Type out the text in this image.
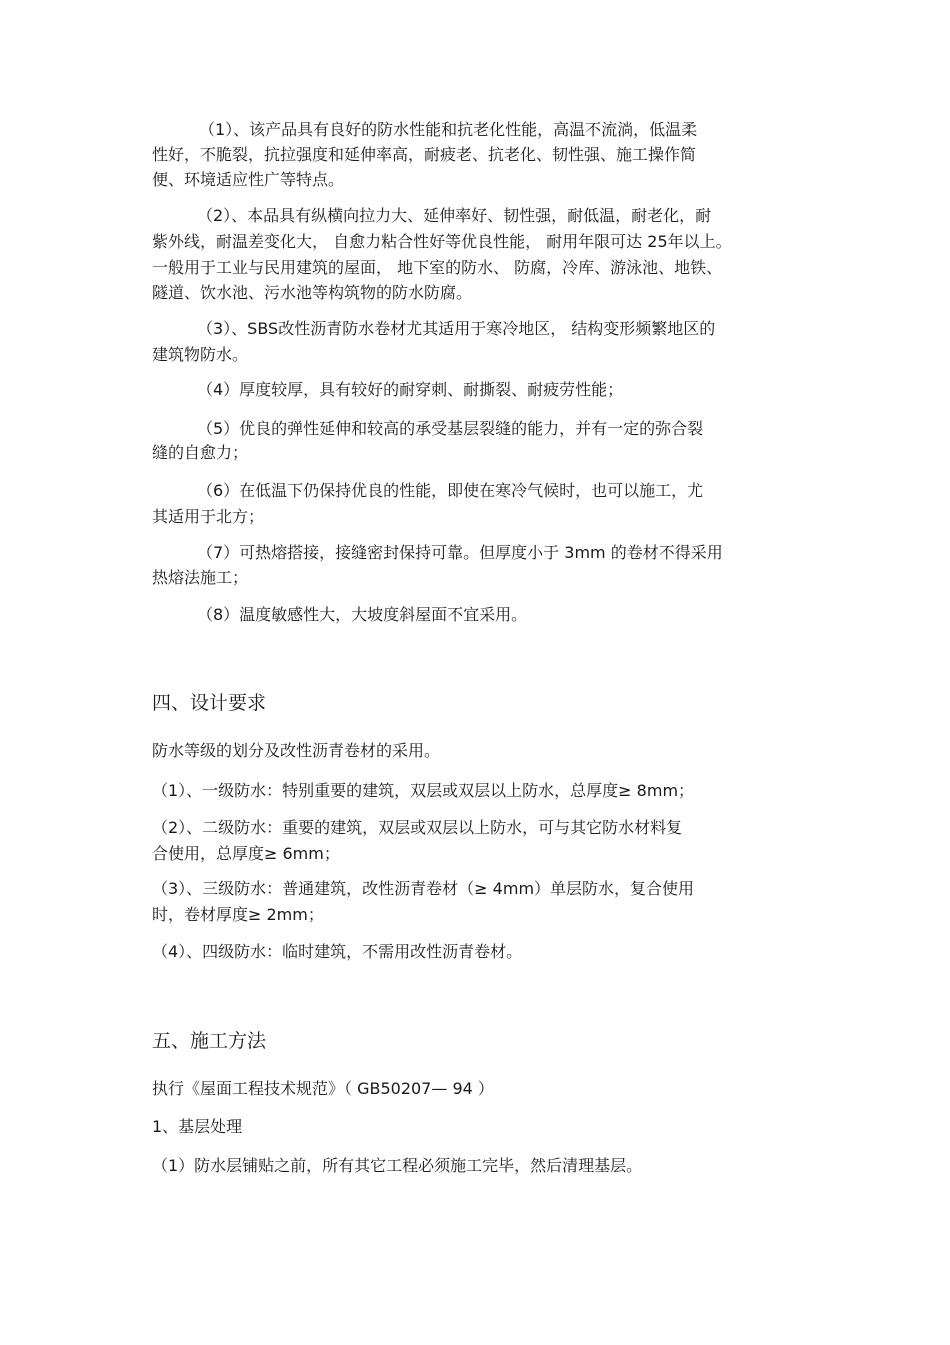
（1）、该产品具有良好的防水性能和抗老化性能，高温不流淌，低温柔
性好，不脆裂，抗拉强度和延伸率高，耐疲老、抗老化、韧性强、施工操作简
便、环境适应性广等特点。
（2）、本品具有纵横向拉力大、延伸率好、韧性强，耐低温，耐老化，耐
紫外线，耐温差变化大， 自愈力粘合性好等优良性能， 耐用年限可达 25年以上。
一般用于工业与民用建筑的屋面， 地下室的防水、 防腐，冷库、游泳池、地铁、
隧道、饮水池、污水池等构筑物的防水防腐。
（3）、SBS改性沥青防水卷材尤其适用于寒冷地区， 结构变形频繁地区的
建筑物防水。
（4）厚度较厚，具有较好的耐穿刺、耐撕裂、耐疲劳性能；
（5）优良的弹性延伸和较高的承受基层裂缝的能力，并有一定的弥合裂
缝的自愈力；
（6）在低温下仍保持优良的性能，即使在寒冷气候时，也可以施工，尤
其适用于北方；
（7）可热熔搭接，接缝密封保持可靠。但厚度小于 3mm 的卷材不得采用
热熔法施工；
（8）温度敏感性大，大坡度斜屋面不宜采用。
四、设计要求
防水等级的划分及改性沥青卷材的采用。
（1）、一级防水：特别重要的建筑，双层或双层以上防水，总厚度≥ 8mm；
（2）、二级防水：重要的建筑，双层或双层以上防水，可与其它防水材料复
合使用，总厚度≥ 6mm；
（3）、三级防水：普通建筑，改性沥青卷材（≥ 4mm）单层防水，复合使用
时，卷材厚度≥ 2mm；
（4）、四级防水：临时建筑，不需用改性沥青卷材。
五、施工方法
执行《屋面工程技术规范》（ GB50207— 94 ）
1、基层处理
（1）防水层铺贴之前，所有其它工程必须施工完毕，然后清理基层。
